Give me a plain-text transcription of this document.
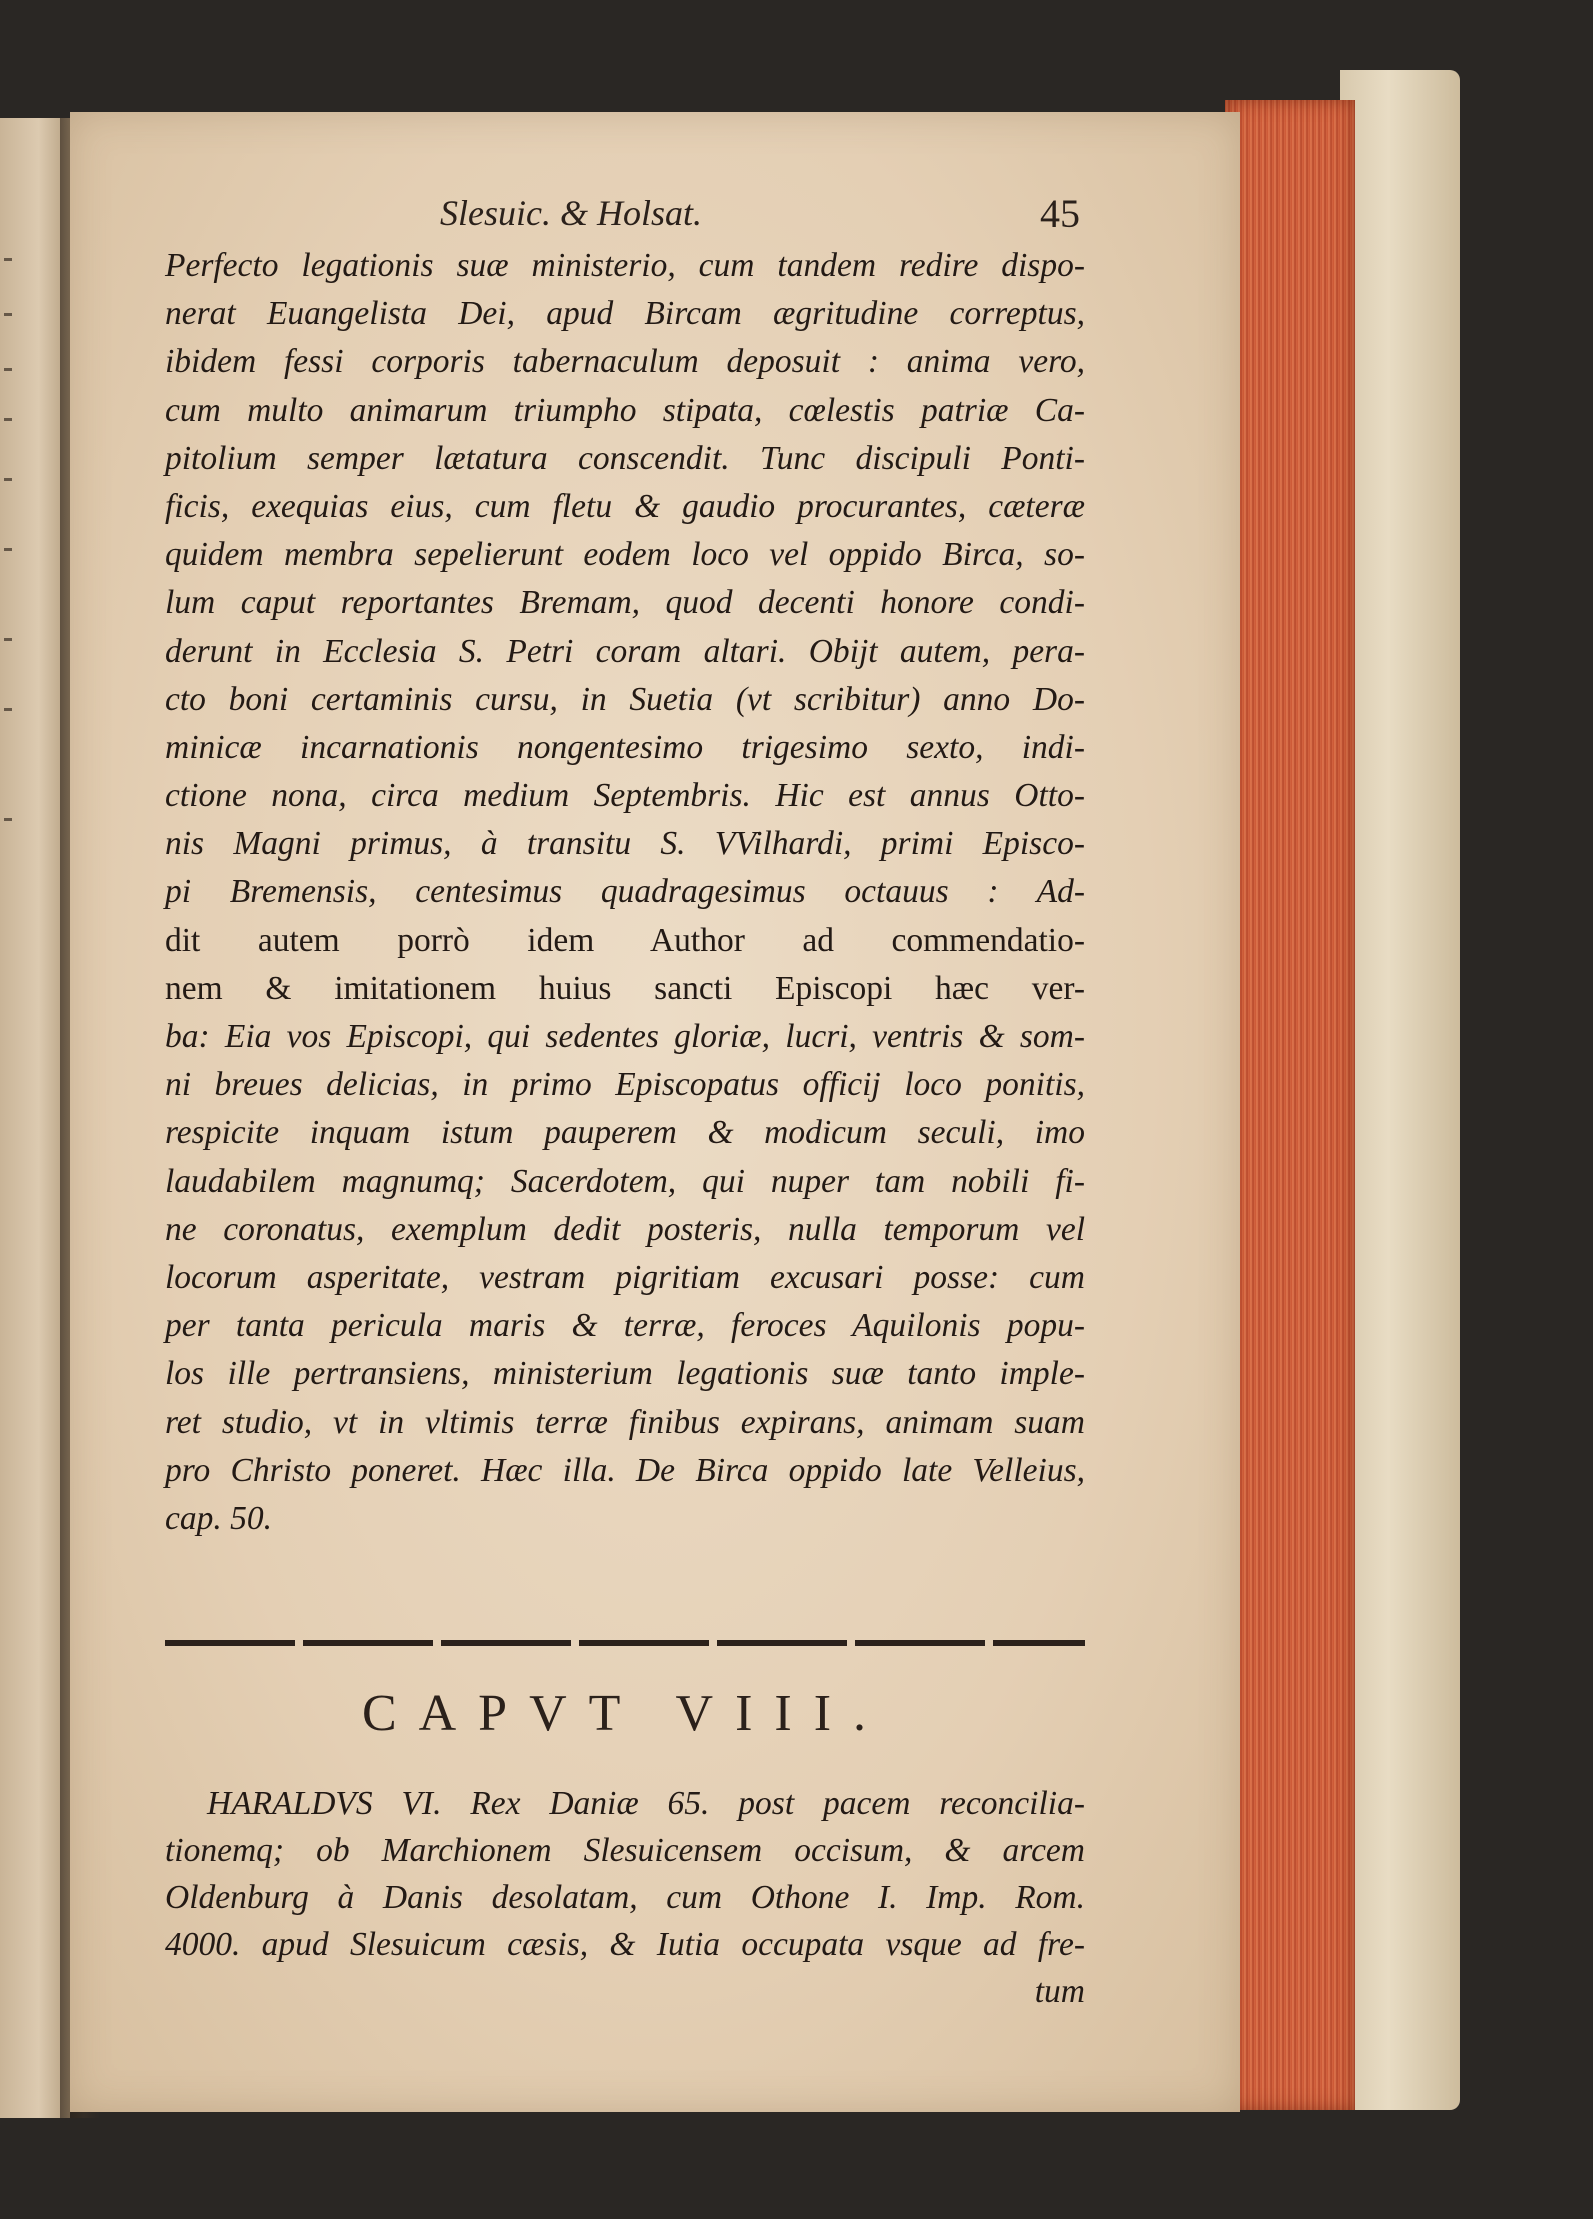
Slesuic. & Holsat.	45
Perfecto legationis suæ ministerio, cum tandem redire dispo-
nerat Euangelista Dei, apud Bircam ægritudine correptus,
ibidem fessi corporis tabernaculum deposuit : anima vero,
cum multo animarum triumpho stipata, cœlestis patriæ Ca-
pitolium semper lætatura conscendit. Tunc discipuli Ponti-
ficis, exequias eius, cum fletu & gaudio procurantes, cæteræ
quidem membra sepelierunt eodem loco vel oppido Birca, so-
lum caput reportantes Bremam, quod decenti honore condi-
derunt in Ecclesia S. Petri coram altari. Obijt autem, pera-
cto boni certaminis cursu, in Suetia (vt scribitur) anno Do-
minicæ incarnationis nongentesimo trigesimo sexto, indi-
ctione nona, circa medium Septembris. Hic est annus Otto-
nis Magni primus, à transitu S. VVilhardi, primi Episco-
pi Bremensis, centesimus quadragesimus octauus : Ad-
dit autem porrò idem Author ad commendatio-
nem & imitationem huius sancti Episcopi hæc ver-
ba: Eia vos Episcopi, qui sedentes gloriæ, lucri, ventris & som-
ni breues delicias, in primo Episcopatus officij loco ponitis,
respicite inquam istum pauperem & modicum seculi, imo
laudabilem magnumq; Sacerdotem, qui nuper tam nobili fi-
ne coronatus, exemplum dedit posteris, nulla temporum vel
locorum asperitate, vestram pigritiam excusari posse: cum
per tanta pericula maris & terræ, feroces Aquilonis popu-
los ille pertransiens, ministerium legationis suæ tanto imple-
ret studio, vt in vltimis terræ finibus expirans, animam suam
pro Christo poneret. Hæc illa. De Birca oppido late Velleius,
cap. 50.
CAPVT VIII.
HARALDVS VI. Rex Daniæ 65. post pacem reconcilia-
tionemq; ob Marchionem Slesuicensem occisum, & arcem
Oldenburg à Danis desolatam, cum Othone I. Imp. Rom.
4000. apud Slesuicum cæsis, & Iutia occupata vsque ad fre-
tum
